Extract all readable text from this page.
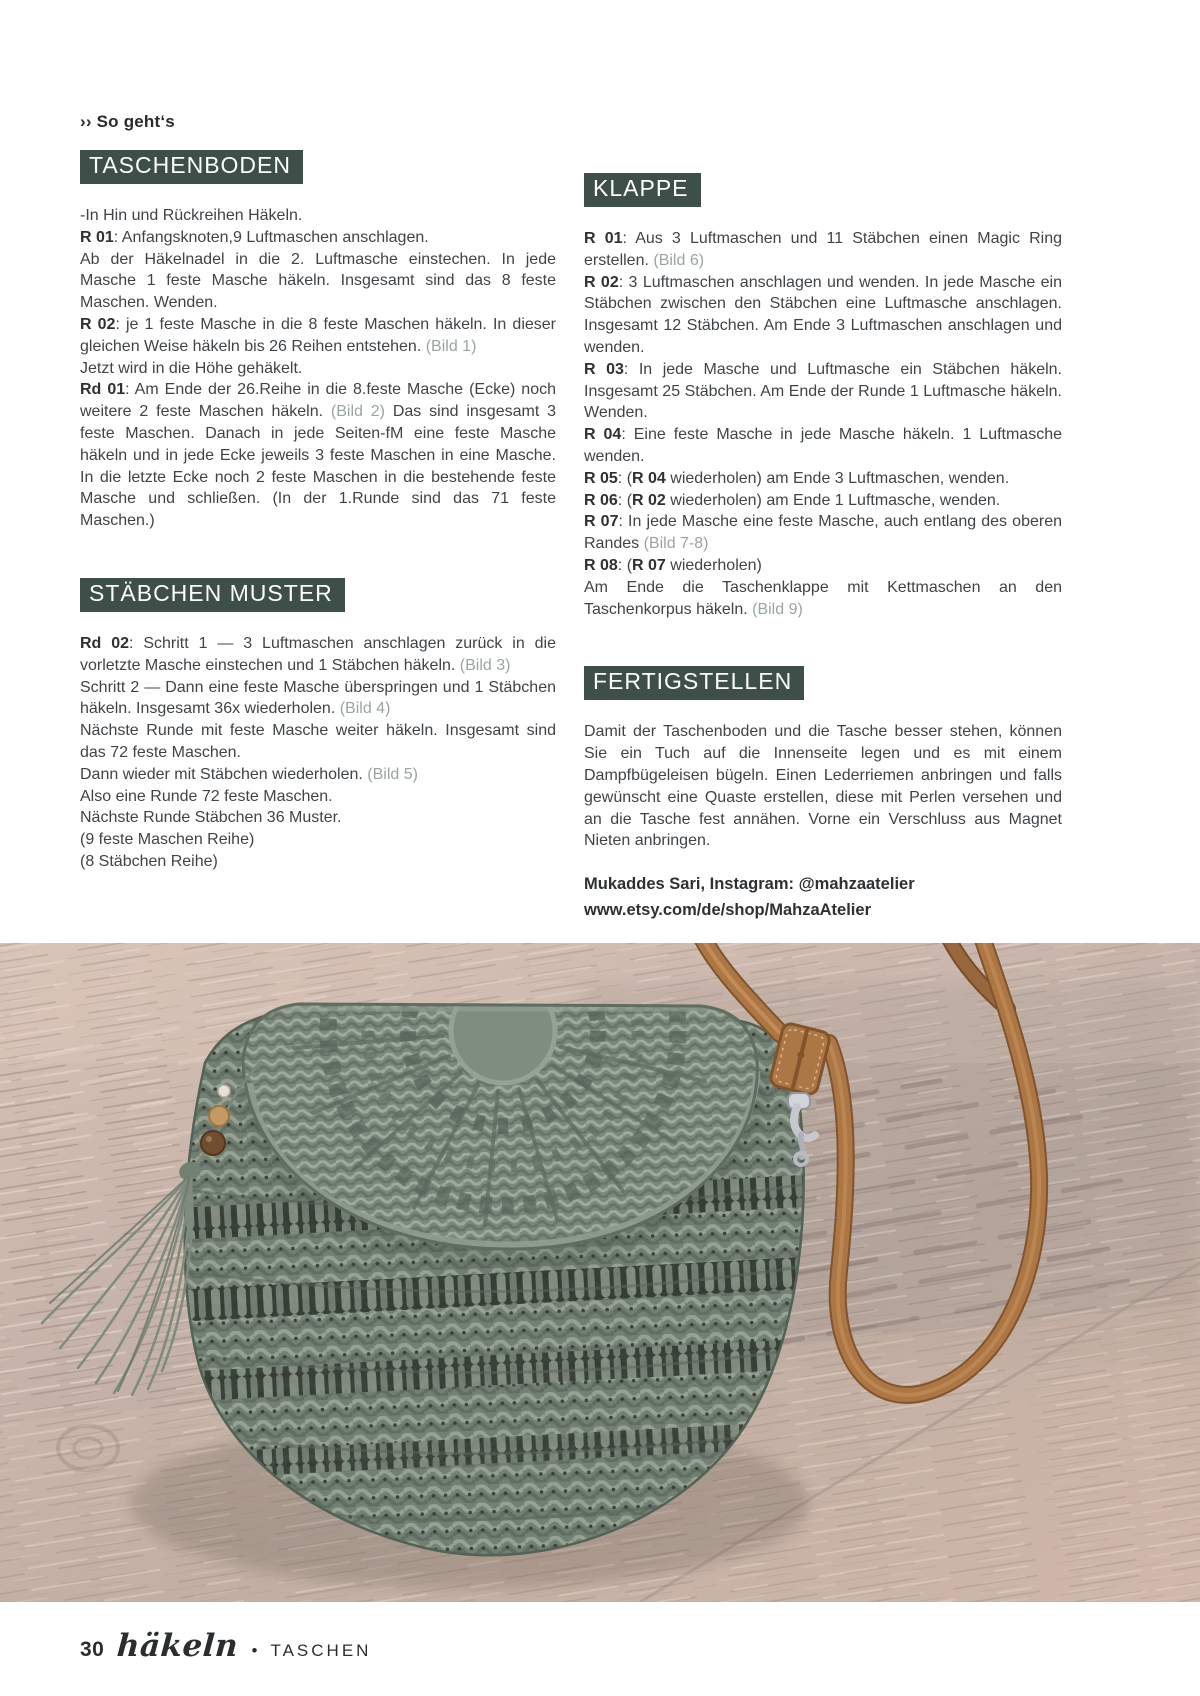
›› So geht‘s
TASCHENBODEN

-In Hin und Rückreihen Häkeln.

R 01: Anfangsknoten,9 Luftmaschen anschlagen.

Ab der Häkelnadel in die 2. Luftmasche einstechen. In jede Masche 1 feste Masche häkeln. Insgesamt sind das 8 feste Maschen. Wenden.

R 02: je 1 feste Masche in die 8 feste Maschen häkeln. In dieser gleichen Weise häkeln bis 26 Reihen entstehen. (Bild 1)

Jetzt wird in die Höhe gehäkelt.

Rd 01: Am Ende der 26.Reihe in die 8.feste Masche (Ecke) noch weitere 2 feste Maschen häkeln. (Bild 2) Das sind insgesamt 3 feste Maschen. Danach in jede Seiten-fM eine feste Masche häkeln und in jede Ecke jeweils 3 feste Maschen in eine Masche. In die letzte Ecke noch 2 feste Maschen in die bestehende feste Masche und schließen. (In der 1.Runde sind das 71 feste Maschen.)

STÄBCHEN MUSTER

Rd 02: Schritt 1 — 3 Luftmaschen anschlagen zurück in die vorletzte Masche einstechen und 1 Stäbchen häkeln. (Bild 3)

Schritt 2 — Dann eine feste Masche überspringen und 1 Stäbchen häkeln. Insgesamt 36x wiederholen. (Bild 4)

Nächste Runde mit feste Masche weiter häkeln. Insgesamt sind das 72 feste Maschen.

Dann wieder mit Stäbchen wiederholen. (Bild 5)

Also eine Runde 72 feste Maschen.

Nächste Runde Stäbchen 36 Muster.

(9 feste Maschen Reihe)

(8 Stäbchen Reihe)

KLAPPE

R 01: Aus 3 Luftmaschen und 11 Stäbchen einen Magic Ring erstellen. (Bild 6)

R 02: 3 Luftmaschen anschlagen und wenden. In jede Masche ein Stäbchen zwischen den Stäbchen eine Luftmasche anschlagen. Insgesamt 12 Stäbchen. Am Ende 3 Luftmaschen anschlagen und wenden.

R 03: In jede Masche und Luftmasche ein Stäbchen häkeln. Insgesamt 25 Stäbchen. Am Ende der Runde 1 Luftmasche häkeln. Wenden.

R 04: Eine feste Masche in jede Masche häkeln. 1 Luftmasche wenden.

R 05: (R 04 wiederholen) am Ende 3 Luftmaschen, wenden.

R 06: (R 02 wiederholen) am Ende 1 Luftmasche, wenden.

R 07: In jede Masche eine feste Masche, auch entlang des oberen Randes (Bild 7-8)

R 08: (R 07 wiederholen)

Am Ende die Taschenklappe mit Kettmaschen an den Taschenkorpus häkeln. (Bild 9)

FERTIGSTELLEN

Damit der Taschenboden und die Tasche besser stehen, können Sie ein Tuch auf die Innenseite legen und es mit einem Dampfbügeleisen bügeln. Einen Lederriemen anbringen und falls gewünscht eine Quaste erstellen, diese mit Perlen versehen und an die Tasche fest annähen. Vorne ein Verschluss aus Magnet Nieten anbringen.

Mukaddes Sari, Instagram: @mahzaatelier

www.etsy.com/de/shop/MahzaAtelier

30 häkeln • TASCHEN
